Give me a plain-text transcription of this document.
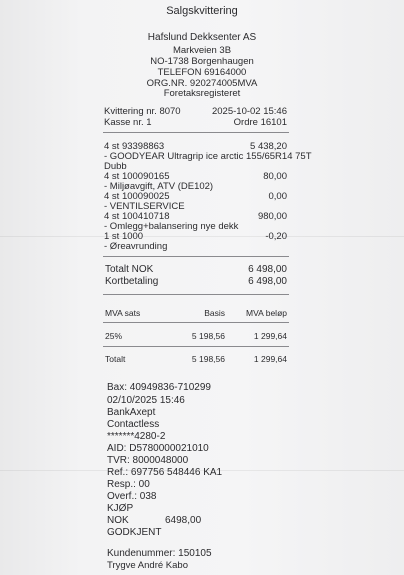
Salgskvittering
Hafslund Dekksenter AS
Markveien 3B
NO-1738 Borgenhaugen
TELEFON 69164000
ORG.NR. 920274005MVA
Foretaksregisteret
Kvittering nr. 8070	2025-10-02 15:46
Kasse nr. 1	Ordre 16101
4 st 93398863	5 438,20
- GOODYEAR Ultragrip ice arctic 155/65R14 75T
Dubb
4 st 100090165	80,00
- Miljøavgift, ATV (DE102)
4 st 100090025	0,00
- VENTILSERVICE
4 st 100410718	980,00
- Omlegg+balansering nye dekk
1 st 1000	-0,20
- Øreavrunding
Totalt NOK	6 498,00
Kortbetaling	6 498,00
MVA sats	Basis	MVA beløp
25%	5 198,56	1 299,64
Totalt	5 198,56	1 299,64
Bax: 40949836-710299
02/10/2025 15:46
BankAxept
Contactless
*******4280-2
AID: D5780000021010
TVR: 8000048000
Ref.: 697756 548446 KA1
Resp.: 00
Overf.: 038
KJØP
NOK	6498,00
GODKJENT
Kundenummer: 150105
Trygve André Kabo
